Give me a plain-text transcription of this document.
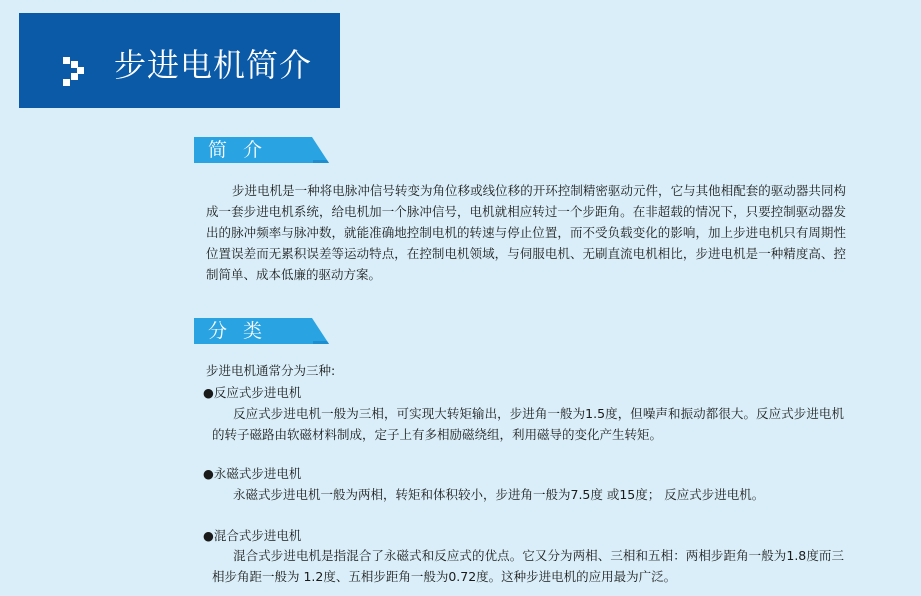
步进电机简介
简 介

步进电机是一种将电脉冲信号转变为角位移或线位移的开环控制精密驱动元件，它与其他相配套的驱动器共同构成一套步进电机系统，给电机加一个脉冲信号，电机就相应转过一个步距角。在非超载的情况下，只要控制驱动器发出的脉冲频率与脉冲数，就能准确地控制电机的转速与停止位置，而不受负载变化的影响，加上步进电机只有周期性位置误差而无累积误差等运动特点，在控制电机领域，与伺服电机、无刷直流电机相比，步进电机是一种精度高、控制简单、成本低廉的驱动方案。

分 类
步进电机通常分为三种:
●反应式步进电机

反应式步进电机一般为三相，可实现大转矩输出，步进角一般为1.5度，但噪声和振动都很大。反应式步进电机的转子磁路由软磁材料制成，定子上有多相励磁绕组，利用磁导的变化产生转矩。

●永磁式步进电机

永磁式步进电机一般为两相，转矩和体积较小，步进角一般为7.5度 或15度； 反应式步进电机。

●混合式步进电机

混合式步进电机是指混合了永磁式和反应式的优点。它又分为两相、三相和五相：两相步距角一般为1.8度而三相步角距一般为 1.2度、五相步距角一般为0.72度。这种步进电机的应用最为广泛。
